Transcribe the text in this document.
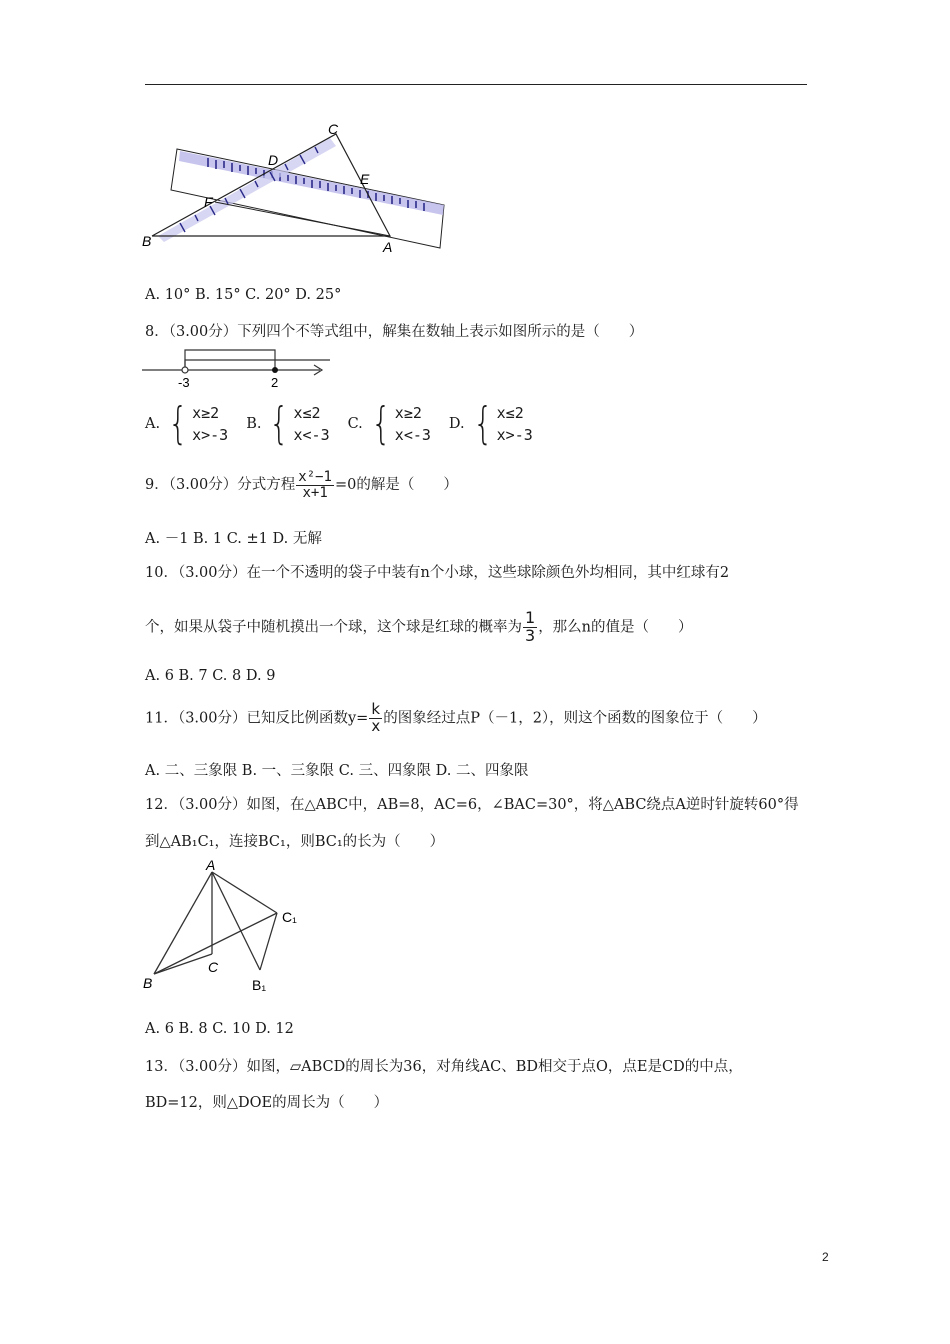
C
D
E
F
B	A
A. 10° B. 15° C. 20° D. 25°
8．（3.00分）下列四个不等式组中，解集在数轴上表示如图所示的是（　　）
-3	2
A. { x≥2
x>-3
B. { x≤2
x<-3
C. { x≥2
x<-3
D. { x≤2
x>-3
9．（3.00分）分式方程 $\frac{\text{x²−1}}{x+1} =0$的解是（　　）
A. －1 B. 1 C. ±1 D. 无解
10．（3.00分）在一个不透明的袋子中装有n个小球，这些球除颜色外均相同，其中红球有2
个，如果从袋子中随机摸出一个球，这个球是红球的概率为 $\frac{1}{3}$ ，那么n的值是（　　）
A. 6 B. 7 C. 8 D. 9
11．（3.00分）已知反比例函数$y= \frac{k}{x}$ 的图象经过点P（－1，2），则这个函数的图象位于（　　）
A. 二、三象限 B. 一、三象限 C. 三、四象限 D. 二、四象限
12．（3.00分）如图，在△ABC中，AB=8，AC=6，∠BAC=30°，将△ABC绕点A逆时针旋转60°得
到△AB₁C₁，连接BC₁，则BC₁的长为（　　）
A
C₁
C
B	B₁
A. 6 B. 8 C. 10 D. 12
13．（3.00分）如图，▱ABCD的周长为36，对角线AC、BD相交于点O，点E是CD的中点，
BD=12，则△DOE的周长为（　　）
2
